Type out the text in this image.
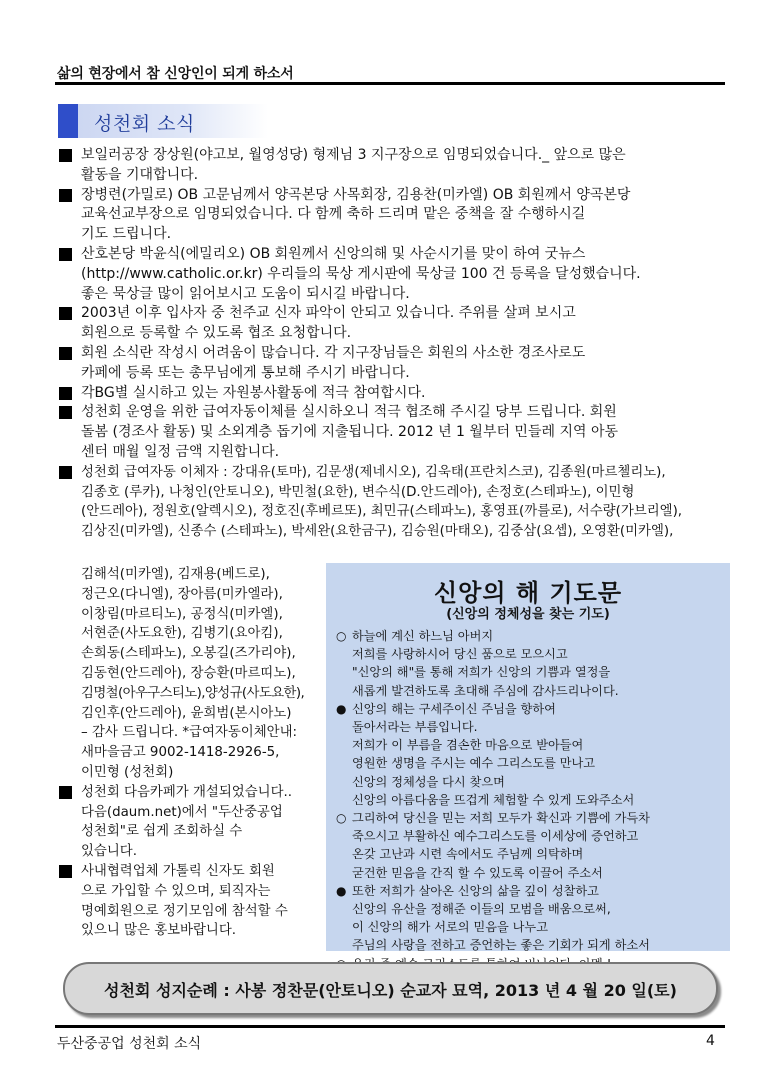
삶의 현장에서 참 신앙인이 되게 하소서
성천회 소식

보일러공장 장상원(야고보, 월영성당) 형제님 3 지구장으로 임명되었습니다._ 앞으로 많은

활동을 기대합니다.

장병련(가밀로) OB 고문님께서 양곡본당 사목회장, 김용찬(미카엘) OB 회원께서 양곡본당

교육선교부장으로 임명되었습니다. 다 함께 축하 드리며 맡은 중책을 잘 수행하시길

기도 드립니다.

산호본당 박윤식(에밀리오) OB 회원께서 신앙의해 및 사순시기를 맞이 하여 굿뉴스

(http://www.catholic.or.kr) 우리들의 묵상 게시판에 묵상글 100 건 등록을 달성했습니다.

좋은 묵상글 많이 읽어보시고 도움이 되시길 바랍니다.

2003년 이후 입사자 중 천주교 신자 파악이 안되고 있습니다. 주위를 살펴 보시고

회원으로 등록할 수 있도록 협조 요청합니다.

회원 소식란 작성시 어려움이 많습니다. 각 지구장님들은 회원의 사소한 경조사로도

카페에 등록 또는 총무님에게 통보해 주시기 바랍니다.

각BG별 실시하고 있는 자원봉사활동에 적극 참여합시다.

성천회 운영을 위한 급여자동이체를 실시하오니 적극 협조해 주시길 당부 드립니다. 회원

돌봄 (경조사 활동) 및 소외계층 돕기에 지출됩니다. 2012 년 1 월부터 민들레 지역 아동

센터 매월 일정 금액 지원합니다.

성천회 급여자동 이체자 : 강대유(토마), 김문생(제네시오), 김욱태(프란치스코), 김종원(마르첼리노),

김종호 (루카), 나청인(안토니오), 박민철(요한), 변수식(D.안드레아), 손정호(스테파노), 이민형

(안드레아), 정원호(알렉시오), 정호진(후베르또), 최민규(스테파노), 홍영표(까를로), 서수량(가브리엘),

김상진(미카엘), 신종수 (스테파노), 박세완(요한금구), 김승원(마태오), 김중삼(요셉), 오영환(미카엘),

김해석(미카엘), 김재용(베드로),

정근오(다니엘), 장아름(미카엘라),

이창림(마르티노), 공정식(미카엘),

서현준(사도요한), 김병기(요아킴),

손희동(스테파노), 오봉길(즈가리야),

김동현(안드레아), 장승환(마르띠노),

김명철(아우구스티노),양성규(사도요한),

김인후(안드레아), 윤희범(본시아노)

– 감사 드립니다. *급여자동이체안내:

새마을금고 9002-1418-2926-5,

이민형 (성천회)

성천회 다음카페가 개설되었습니다..

다음(daum.net)에서 "두산중공업

성천회"로 쉽게 조회하실 수

있습니다.

사내협력업체 가톨릭 신자도 회원

으로 가입할 수 있으며, 퇴직자는

명예회원으로 정기모임에 참석할 수

있으니 많은 홍보바랍니다.

신앙의 해 기도문
(신앙의 정체성을 찾는 기도)
○ 하늘에 계신 하느님 아버지
저희를 사랑하시어 당신 품으로 모으시고
"신앙의 해"를 통해 저희가 신앙의 기쁨과 열정을
새롭게 발견하도록 초대해 주심에 감사드리나이다.
● 신앙의 해는 구세주이신 주님을 향하여
돌아서라는 부름입니다.
저희가 이 부름을 겸손한 마음으로 받아들여
영원한 생명을 주시는 예수 그리스도를 만나고
신앙의 정체성을 다시 찾으며
신앙의 아름다움을 뜨겁게 체험할 수 있게 도와주소서
○ 그리하여 당신을 믿는 저희 모두가 확신과 기쁨에 가득차
죽으시고 부활하신 예수그리스도를 이세상에 증언하고
온갖 고난과 시련 속에서도 주님께 의탁하며
굳건한 믿음을 간직 할 수 있도록 이끌어 주소서
● 또한 저희가 살아온 신앙의 삶을 깊이 성찰하고
신앙의 유산을 정해준 이들의 모범을 배움으로써,
이 신앙의 해가 서로의 믿음을 나누고
주님의 사랑을 전하고 증언하는 좋은 기회가 되게 하소서
성천회 성지순례 : 사봉 정찬문(안토니오) 순교자 묘역, 2013 년 4 월 20 일(토)
두산중공업 성천회 소식	4
